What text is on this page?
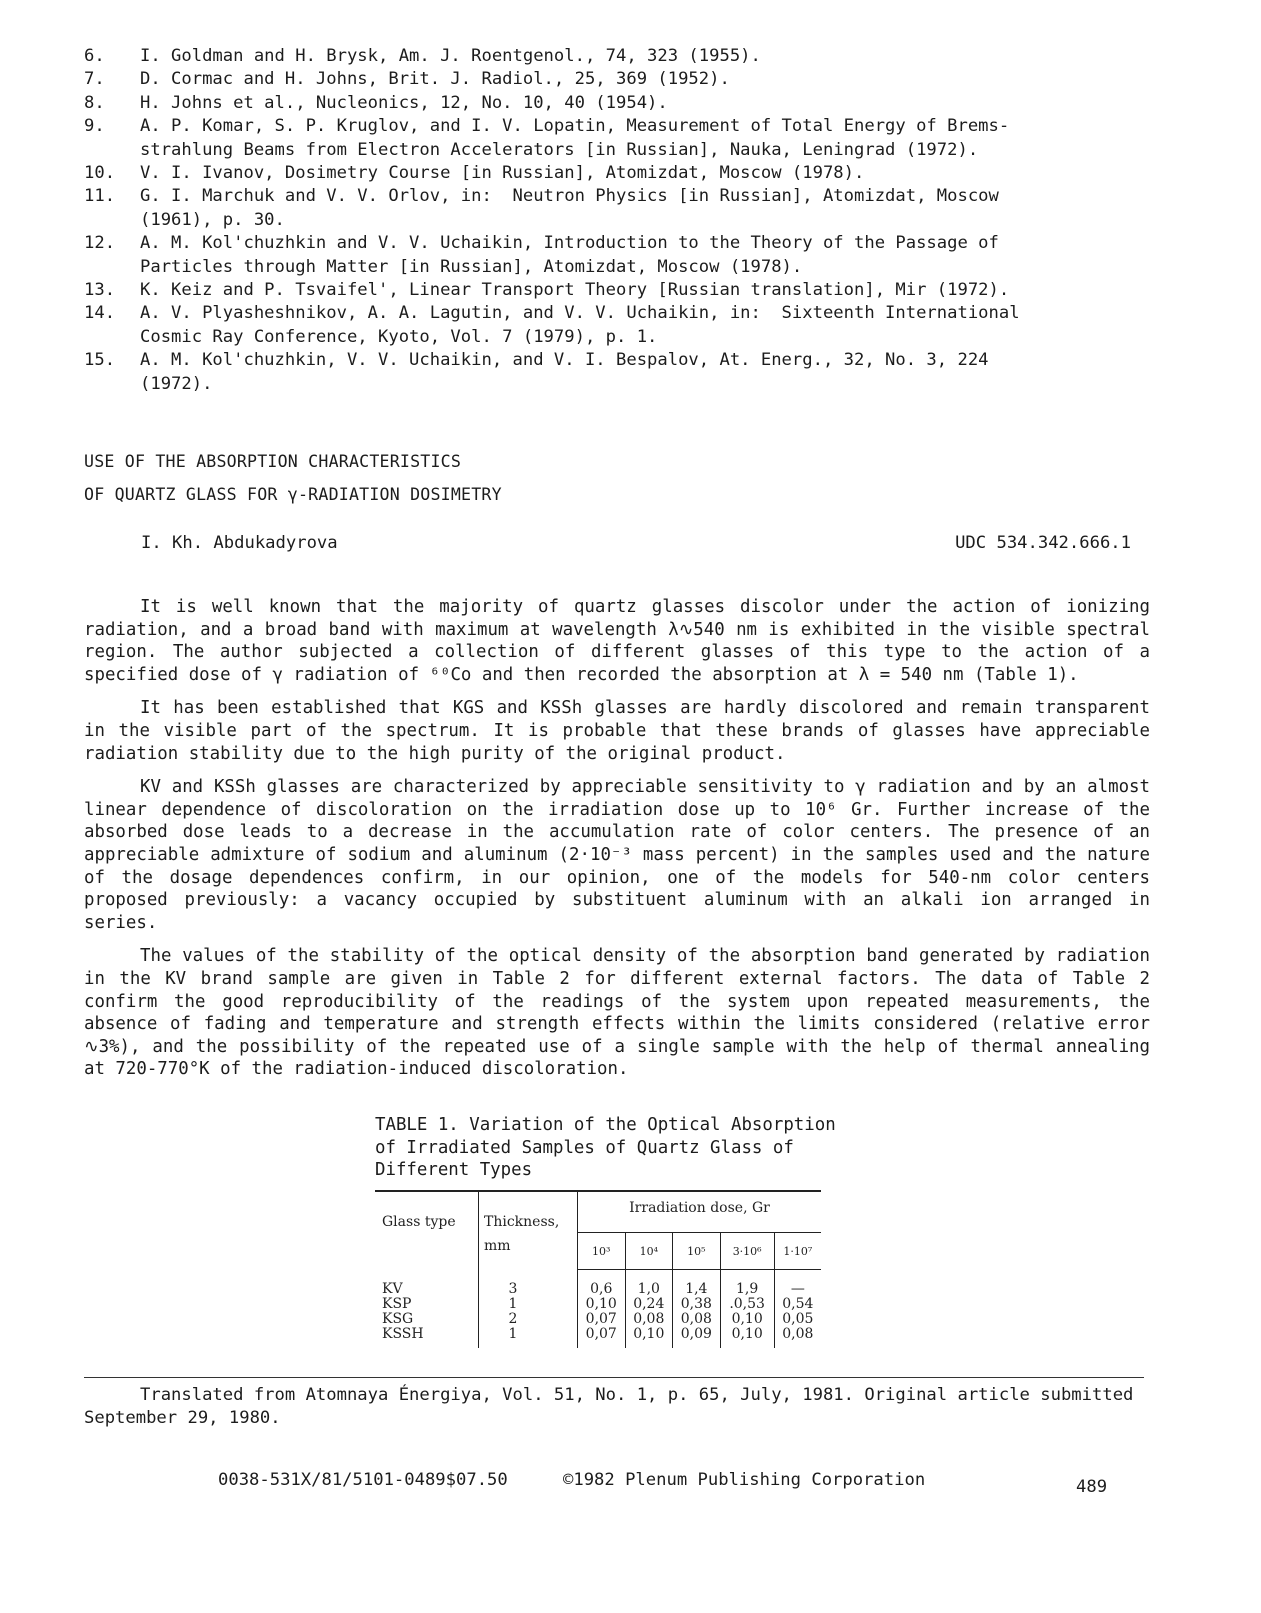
6.	I. Goldman and H. Brysk, Am. J. Roentgenol., 74, 323 (1955).
7.	D. Cormac and H. Johns, Brit. J. Radiol., 25, 369 (1952).
8.	H. Johns et al., Nucleonics, 12, No. 10, 40 (1954).
9.	A. P. Komar, S. P. Kruglov, and I. V. Lopatin, Measurement of Total Energy of Brems-
strahlung Beams from Electron Accelerators [in Russian], Nauka, Leningrad (1972).
10.	V. I. Ivanov, Dosimetry Course [in Russian], Atomizdat, Moscow (1978).
11.	G. I. Marchuk and V. V. Orlov, in:  Neutron Physics [in Russian], Atomizdat, Moscow
(1961), p. 30.
12.	A. M. Kol'chuzhkin and V. V. Uchaikin, Introduction to the Theory of the Passage of
Particles through Matter [in Russian], Atomizdat, Moscow (1978).
13.	K. Keiz and P. Tsvaifel', Linear Transport Theory [Russian translation], Mir (1972).
14.	A. V. Plyasheshnikov, A. A. Lagutin, and V. V. Uchaikin, in:  Sixteenth International
Cosmic Ray Conference, Kyoto, Vol. 7 (1979), p. 1.
15.	A. M. Kol'chuzhkin, V. V. Uchaikin, and V. I. Bespalov, At. Energ., 32, No. 3, 224
(1972).
USE OF THE ABSORPTION CHARACTERISTICS
OF QUARTZ GLASS FOR γ-RADIATION DOSIMETRY
I. Kh. Abdukadyrova	UDC 534.342.666.1

It is well known that the majority of quartz glasses discolor under the action of ionizing radiation, and a broad band with maximum at wavelength λ∿540 nm is exhibited in the visible spectral region. The author subjected a collection of different glasses of this type to the action of a specified dose of γ radiation of ⁶⁰Co and then recorded the absorption at λ = 540 nm (Table 1).

It has been established that KGS and KSSh glasses are hardly discolored and remain transparent in the visible part of the spectrum. It is probable that these brands of glasses have appreciable radiation stability due to the high purity of the original product.

KV and KSSh glasses are characterized by appreciable sensitivity to γ radiation and by an almost linear dependence of discoloration on the irradiation dose up to 10⁶ Gr. Further increase of the absorbed dose leads to a decrease in the accumulation rate of color centers. The presence of an appreciable admixture of sodium and aluminum (2·10⁻³ mass percent) in the samples used and the nature of the dosage dependences confirm, in our opinion, one of the models for 540-nm color centers proposed previously: a vacancy occupied by substituent aluminum with an alkali ion arranged in series.

The values of the stability of the optical density of the absorption band generated by radiation in the KV brand sample are given in Table 2 for different external factors. The data of Table 2 confirm the good reproducibility of the readings of the system upon repeated measurements, the absence of fading and temperature and strength effects within the limits considered (relative error ∿3%), and the possibility of the repeated use of a single sample with the help of thermal annealing at 720-770°K of the radiation-induced discoloration.

TABLE 1. Variation of the Optical Absorption of Irradiated Samples of Quartz Glass of Different Types
Glass type	Thickness, mm	Irradiation dose, Gr				
		10³	10⁴	10⁵	3·10⁶	1·10⁷
KV	3	0,6	1,0	1,4	1,9	—
KSP	1	0,10	0,24	0,38	.0,53	0,54
KSG	2	0,07	0,08	0,08	0,10	0,05
KSSH	1	0,07	0,10	0,09	0,10	0,08
Translated from Atomnaya Énergiya, Vol. 51, No. 1, p. 65, July, 1981. Original article submitted September 29, 1980.
0038-531X/81/5101-0489$07.50	©1982 Plenum Publishing Corporation	489
